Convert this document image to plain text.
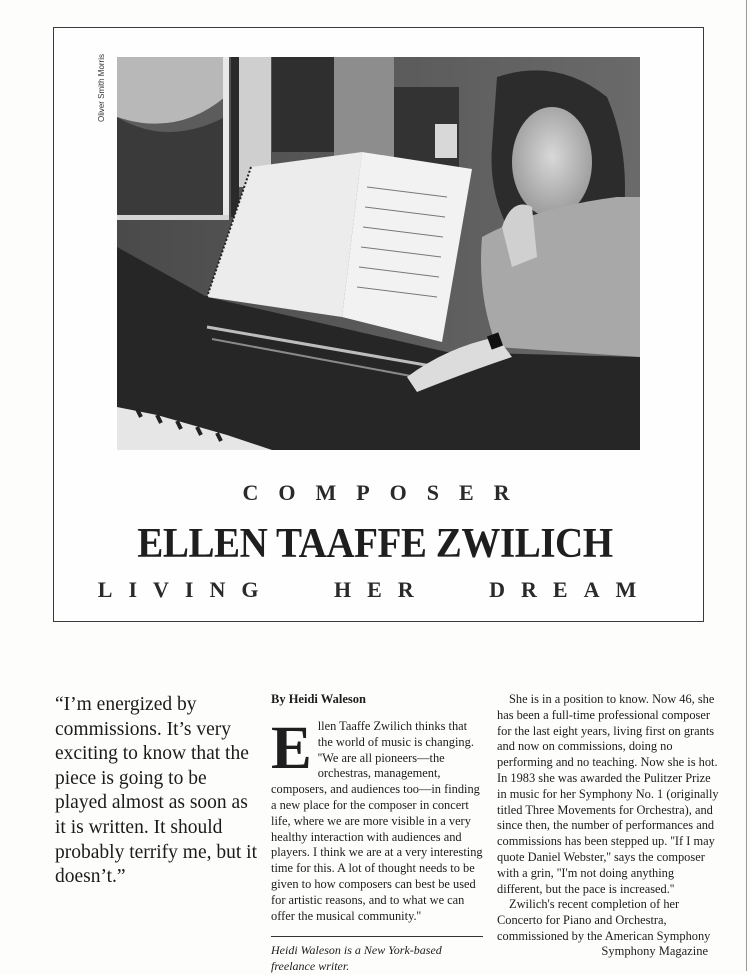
Oliver Smith Morris
COMPOSER
ELLEN TAAFFE ZWILICH
LIVING HER DREAM
“I’m energized by commissions. It’s very exciting to know that the piece is going to be played almost as soon as it is written. It should probably terrify me, but it doesn’t.”
By Heidi Waleson

E llen Taaffe Zwilich thinks that the world of music is changing. ''We are all pioneers—the orchestras, management, composers, and audiences too—in finding a new place for the composer in concert life, where we are more visible in a very healthy interaction with audiences and players. I think we are at a very interesting time for this. A lot of thought needs to be given to how composers can best be used for artistic reasons, and to what we can offer the musical community.''

Heidi Waleson is a New York-based freelance writer.

She is in a position to know. Now 46, she has been a full-time professional composer for the last eight years, living first on grants and now on commissions, doing no performing and no teaching. Now she is hot. In 1983 she was awarded the Pulitzer Prize in music for her Symphony No. 1 (originally titled Three Movements for Orchestra), and since then, the number of performances and commissions has been stepped up. ''If I may quote Daniel Webster,'' says the composer with a grin, ''I'm not doing anything different, but the pace is increased.''

Zwilich's recent completion of her Concerto for Piano and Orchestra, commissioned by the American Symphony

Symphony Magazine
